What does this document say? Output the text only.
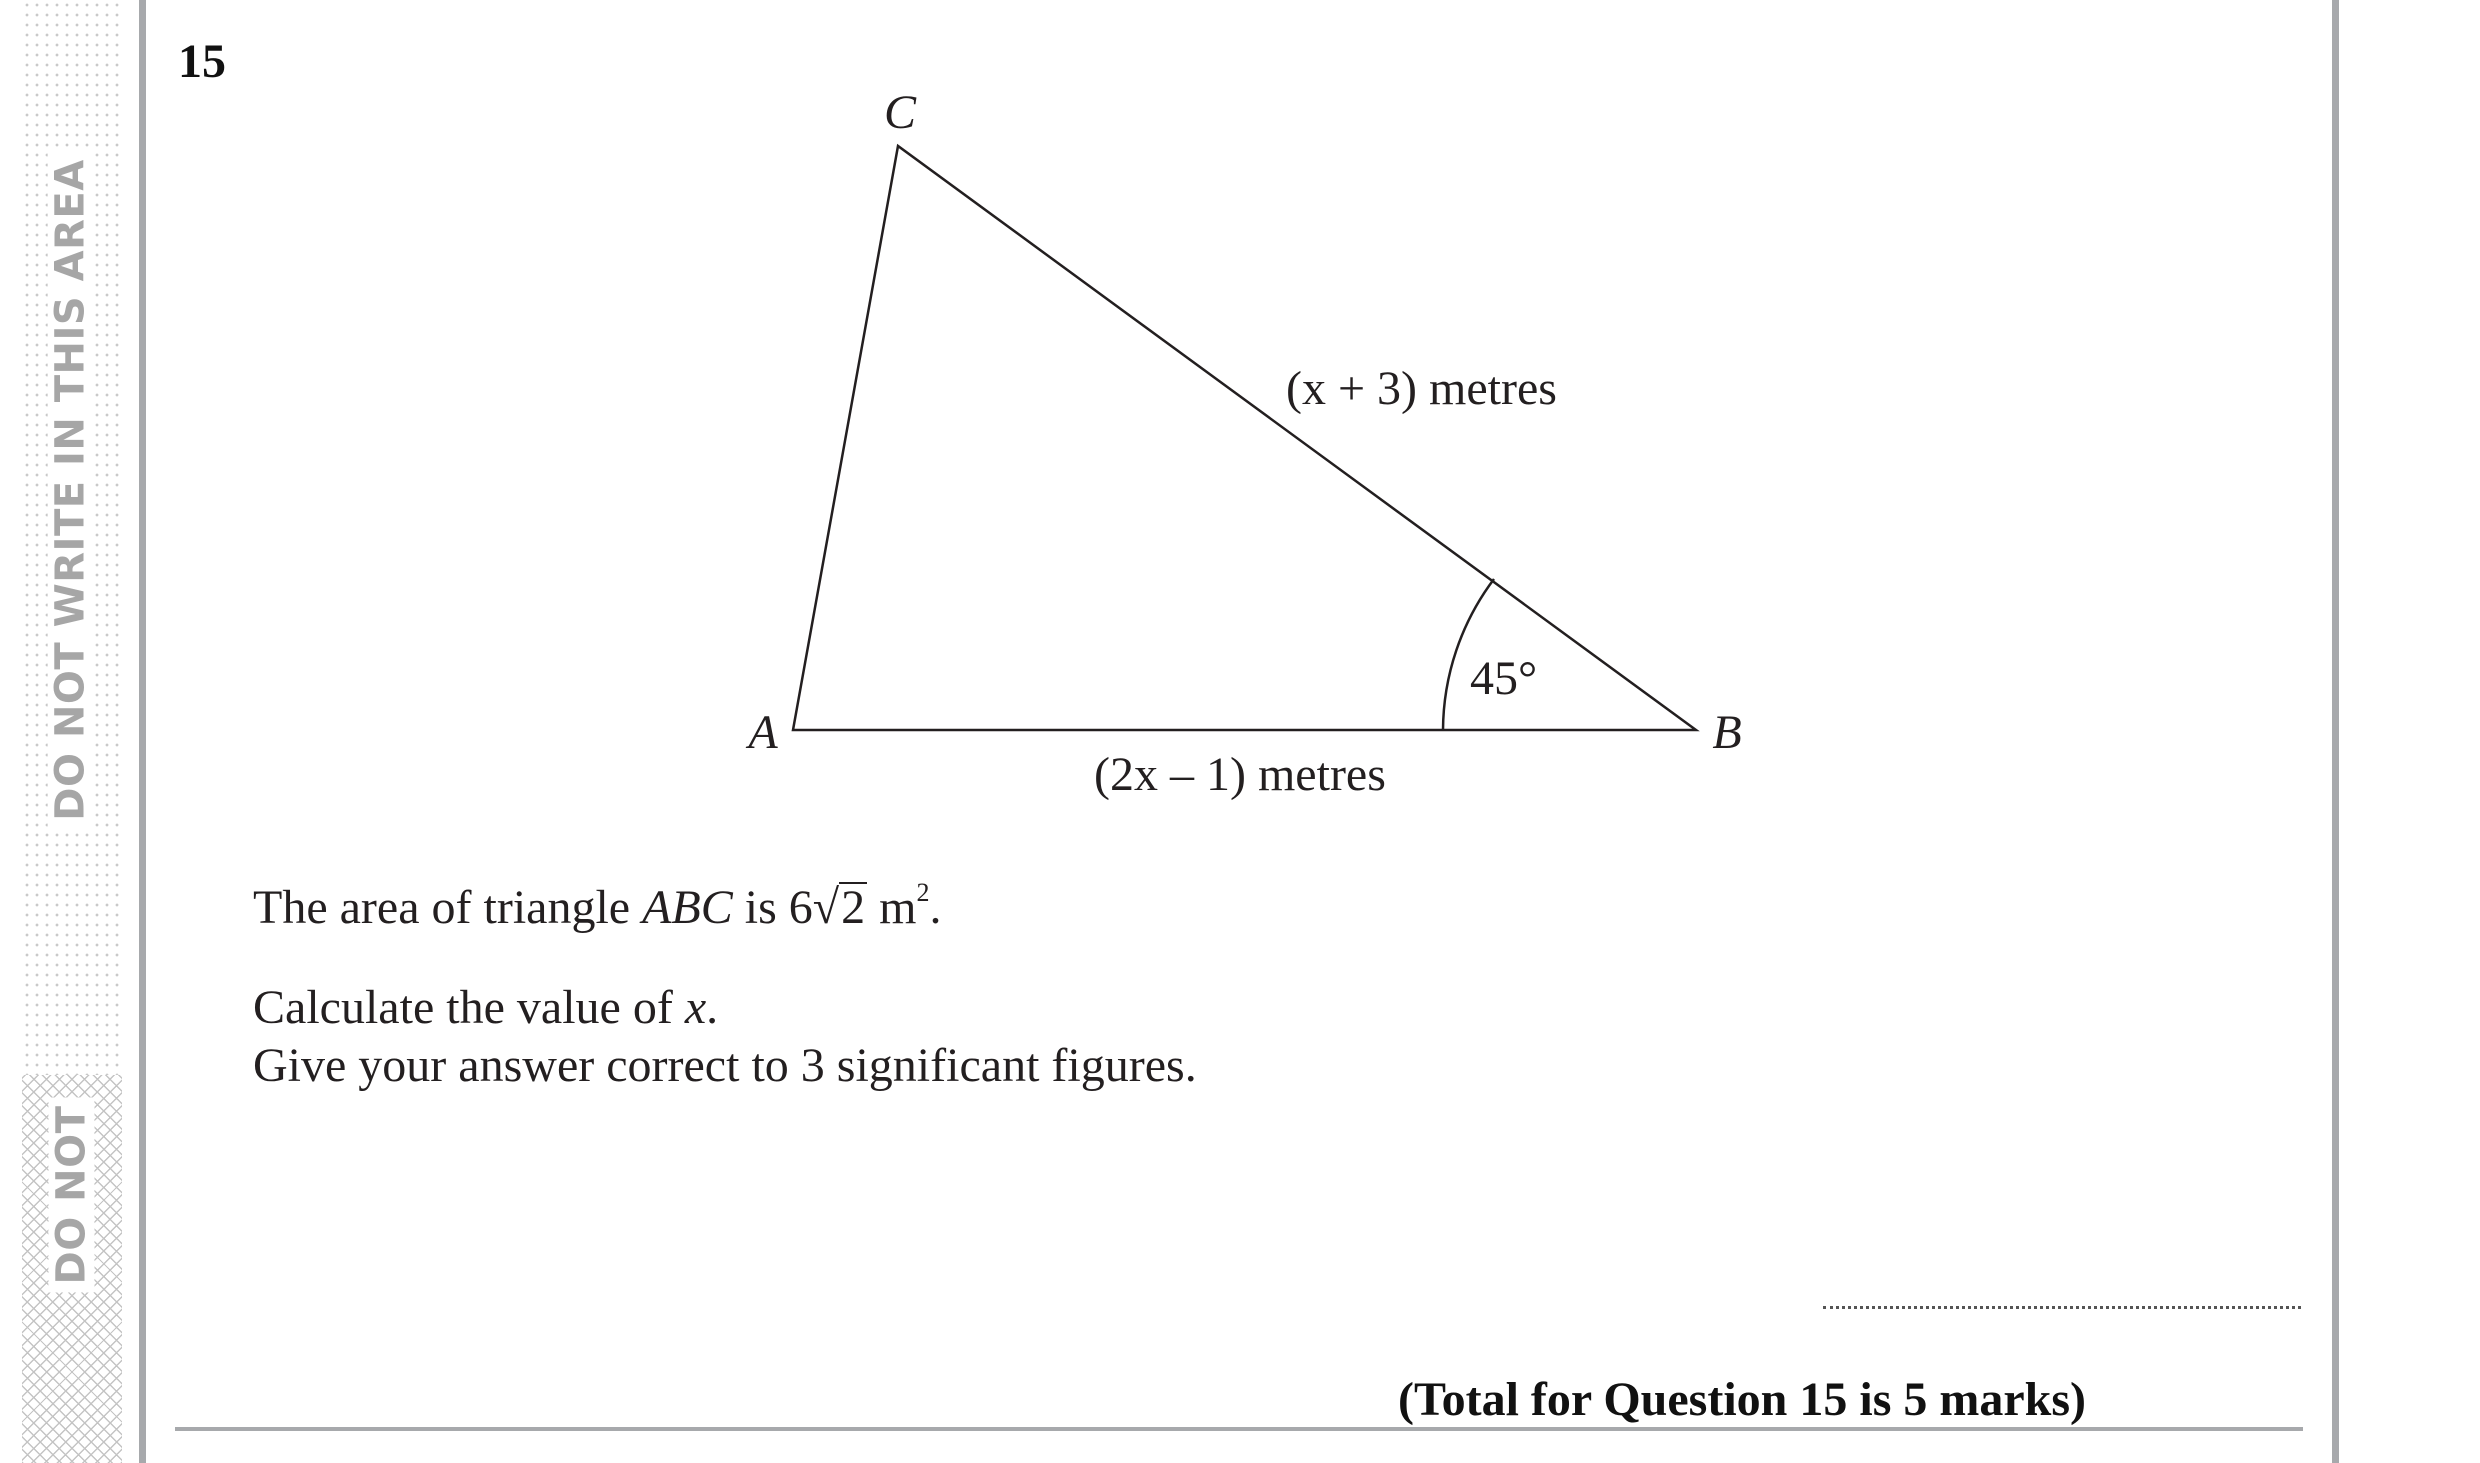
DO NOT WRITE IN THIS AREA
DO NOT
15
C
A	B
(x + 3) metres
(2x – 1) metres
45°
The area of triangle ABC is 6√2 $m^2$.
Calculate the value of x.
Give your answer correct to 3 significant figures.
(Total for Question 15 is 5 marks)
